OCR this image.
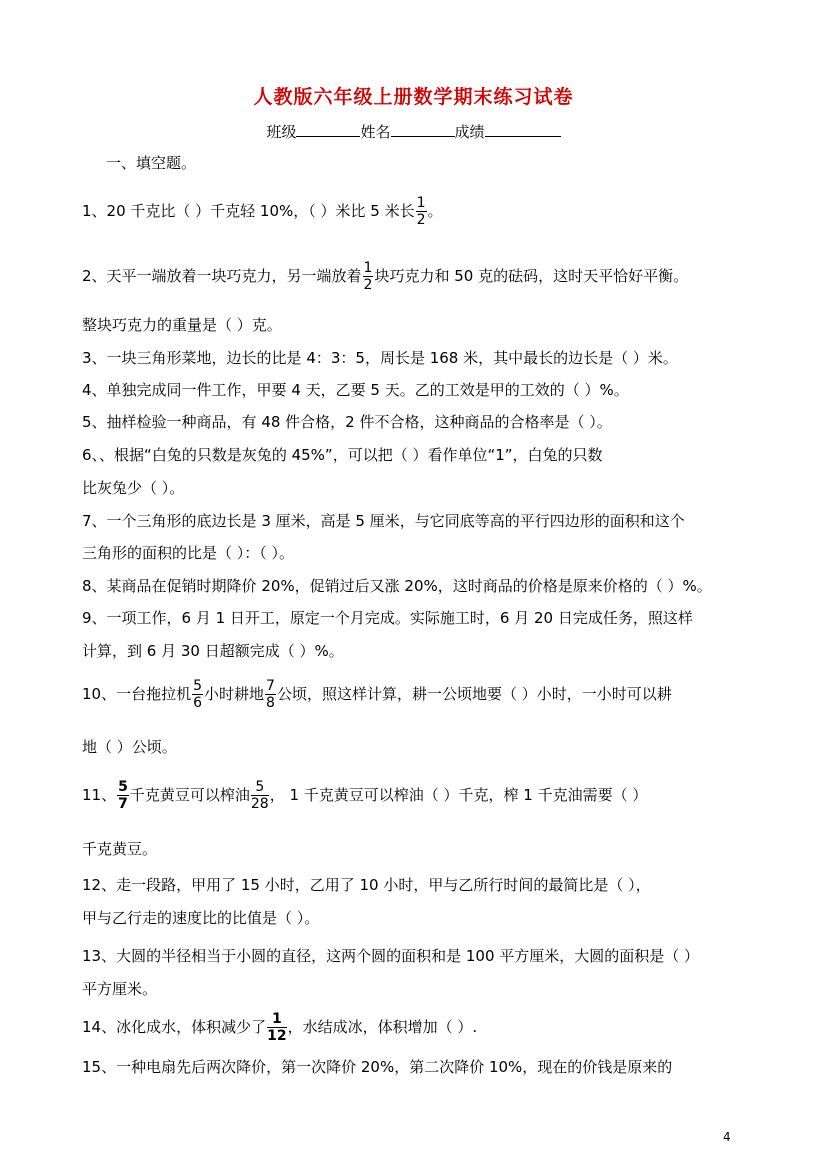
人教版六年级上册数学期末练习试卷
班级	姓名	成绩
一、填空题。
1、20 千克比（ ）千克轻 10%，（ ）米比 5 米长 $\frac{1}{2}$ 。
2、天平一端放着一块巧克力，另一端放着 $\frac{1}{2}$ 块巧克力和 50 克的砝码，这时天平恰好平衡。
整块巧克力的重量是（ ）克。
3、一块三角形菜地，边长的比是 4：3：5，周长是 168 米，其中最长的边长是（ ）米。
4、单独完成同一件工作，甲要 4 天，乙要 5 天。乙的工效是甲的工效的（ ）%。
5、抽样检验一种商品，有 48 件合格，2 件不合格，这种商品的合格率是（ ）。
6、、根据“白兔的只数是灰兔的 45%”，可以把（ ）看作单位“1”，白兔的只数
比灰兔少（ ）。
7、一个三角形的底边长是 3 厘米，高是 5 厘米，与它同底等高的平行四边形的面积和这个
三角形的面积的比是（ ）：（ ）。
8、某商品在促销时期降价 20%，促销过后又涨 20%，这时商品的价格是原来价格的（ ）%。
9、一项工作，6 月 1 日开工，原定一个月完成。实际施工时，6 月 20 日完成任务，照这样
计算，到 6 月 30 日超额完成（ ）%。
10、一台拖拉机 $\frac{5}{6}$ 小时耕地 $\frac{7}{8}$ 公顷，照这样计算，耕一公顷地要（ ）小时，一小时可以耕
地（ ）公顷。
11、 $\frac{5}{7}$ 千克黄豆可以榨油 $\frac{5}{28}$ ， 1 千克黄豆可以榨油（ ）千克，榨 1 千克油需要（ ）
千克黄豆。
12、走一段路，甲用了 15 小时，乙用了 10 小时，甲与乙所行时间的最简比是（ ），
甲与乙行走的速度比的比值是（ ）。
13、大圆的半径相当于小圆的直径，这两个圆的面积和是 100 平方厘米，大圆的面积是（ ）
平方厘米。
14、冰化成水，体积减少了 $\frac{1}{12}$ ，水结成冰，体积增加（ ）.
15、一种电扇先后两次降价，第一次降价 20%，第二次降价 10%，现在的价钱是原来的
4
